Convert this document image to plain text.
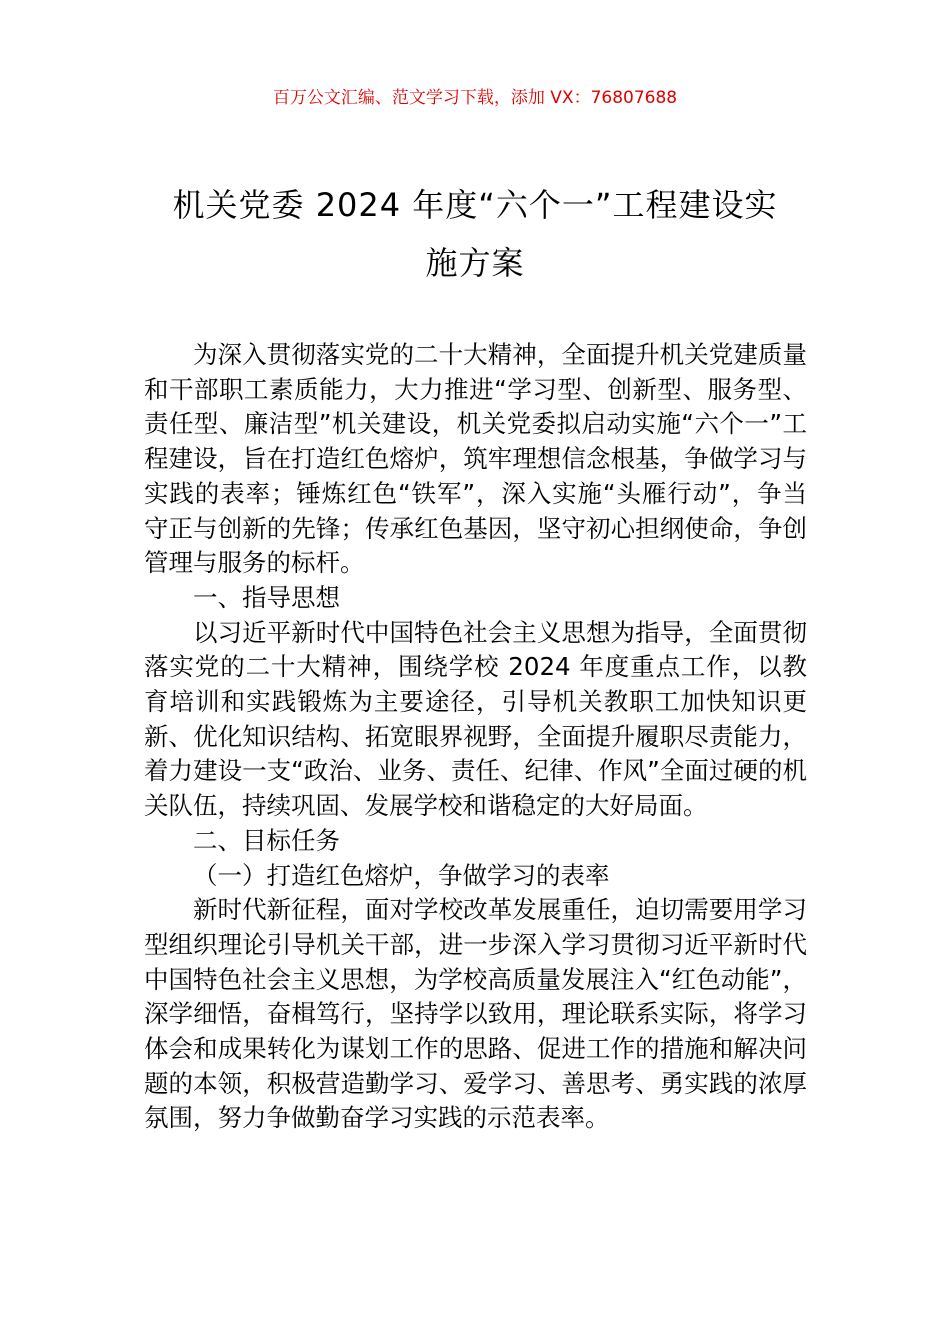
百万公文汇编、范文学习下载，添加 VX：76807688
机关党委 2024 年度“六个一”工程建设实
施方案

为深入贯彻落实党的二十大精神，全面提升机关党建质量和干部职工素质能力，大力推进“学习型、创新型、服务型、责任型、廉洁型”机关建设，机关党委拟启动实施“六个一”工程建设，旨在打造红色熔炉，筑牢理想信念根基，争做学习与实践的表率；锤炼红色“铁军”，深入实施“头雁行动”，争当守正与创新的先锋；传承红色基因，坚守初心担纲使命，争创管理与服务的标杆。

一、指导思想

以习近平新时代中国特色社会主义思想为指导，全面贯彻落实党的二十大精神，围绕学校 2024 年度重点工作，以教育培训和实践锻炼为主要途径，引导机关教职工加快知识更新、优化知识结构、拓宽眼界视野，全面提升履职尽责能力，着力建设一支“政治、业务、责任、纪律、作风”全面过硬的机关队伍，持续巩固、发展学校和谐稳定的大好局面。

二、目标任务

（一）打造红色熔炉，争做学习的表率

新时代新征程，面对学校改革发展重任，迫切需要用学习型组织理论引导机关干部，进一步深入学习贯彻习近平新时代中国特色社会主义思想，为学校高质量发展注入“红色动能”，深学细悟，奋楫笃行，坚持学以致用，理论联系实际，将学习体会和成果转化为谋划工作的思路、促进工作的措施和解决问题的本领，积极营造勤学习、爱学习、善思考、勇实践的浓厚氛围，努力争做勤奋学习实践的示范表率。
